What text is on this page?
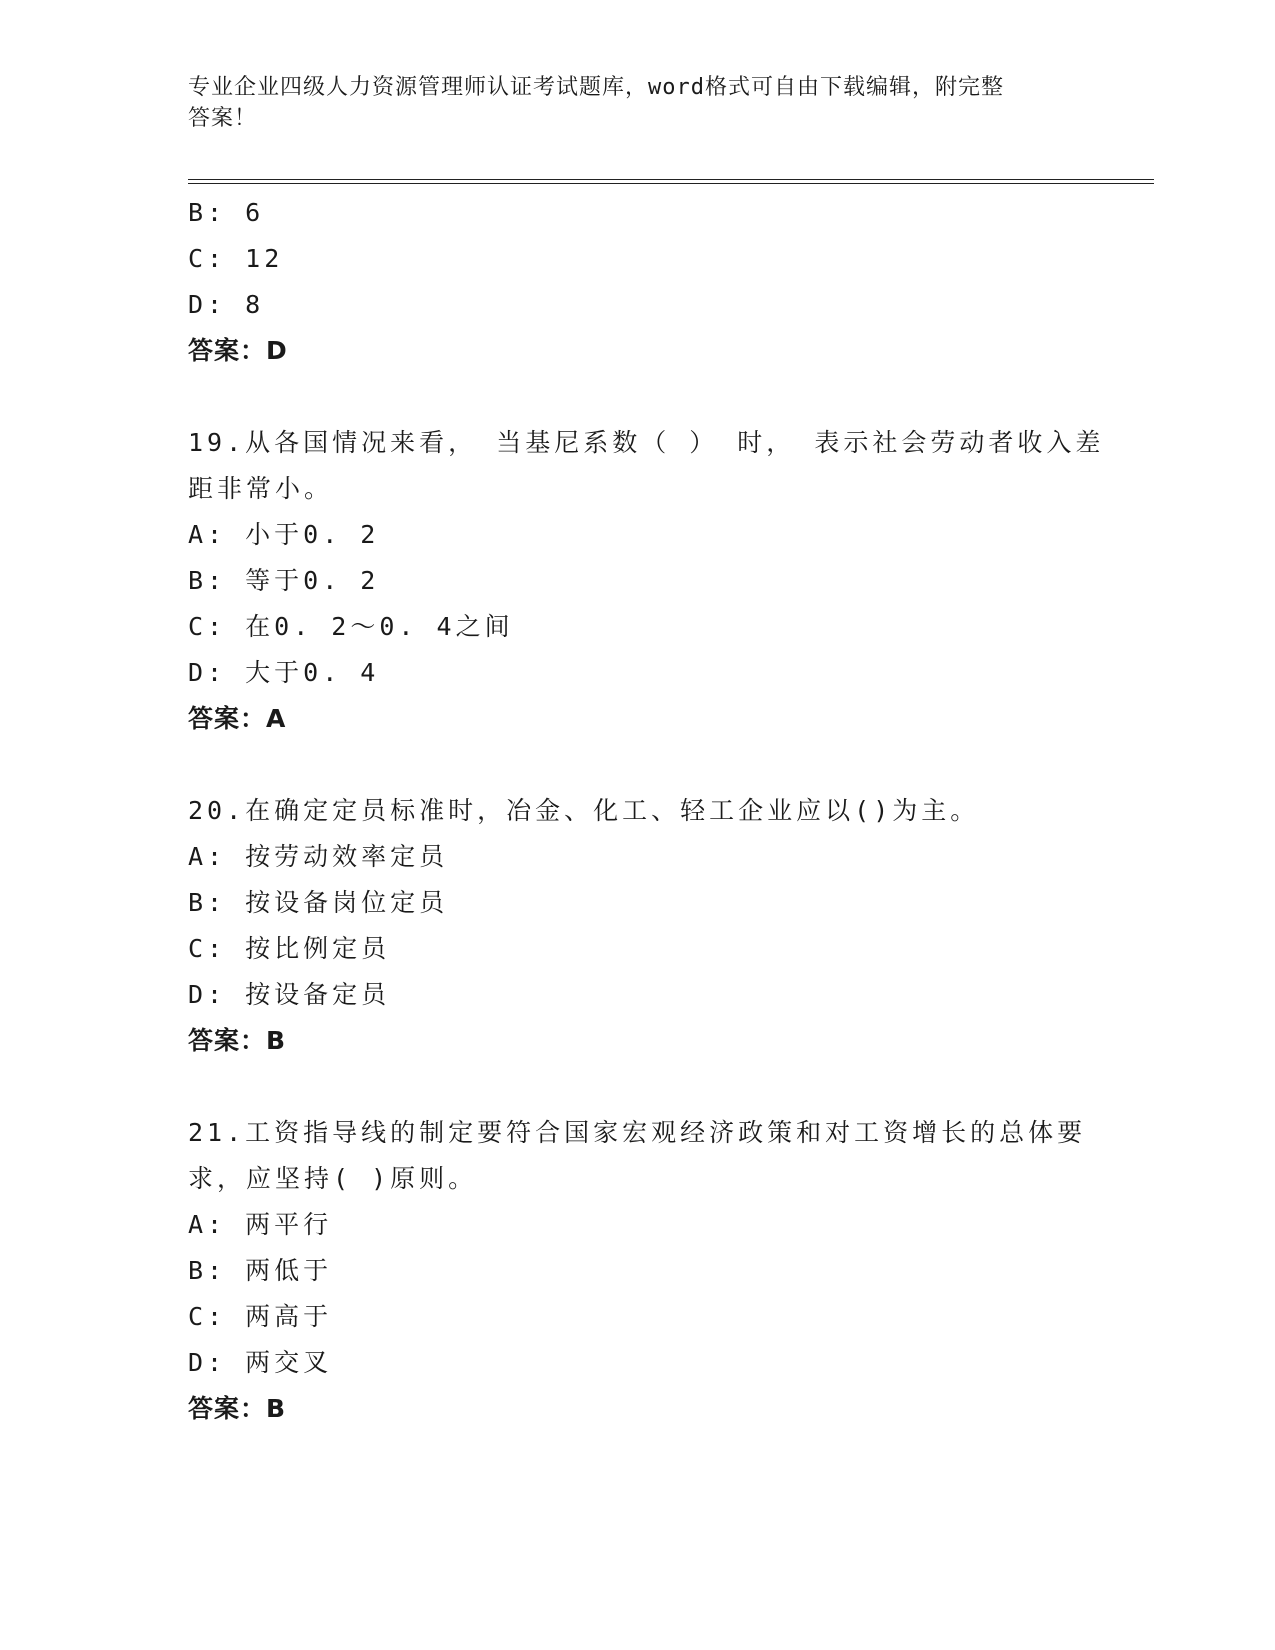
专业企业四级人力资源管理师认证考试题库，word格式可自由下载编辑，附完整
答案！
B: 6
C: 12
D: 8
答案：D
19.从各国情况来看， 当基尼系数（ ） 时， 表示社会劳动者收入差
距非常小。
A: 小于0. 2
B: 等于0. 2
C: 在0. 2～0. 4之间
D: 大于0. 4
答案：A
20.在确定定员标准时，冶金、化工、轻工企业应以()为主。
A: 按劳动效率定员
B: 按设备岗位定员
C: 按比例定员
D: 按设备定员
答案：B
21.工资指导线的制定要符合国家宏观经济政策和对工资增长的总体要
求，应坚持( )原则。
A: 两平行
B: 两低于
C: 两高于
D: 两交叉
答案：B
